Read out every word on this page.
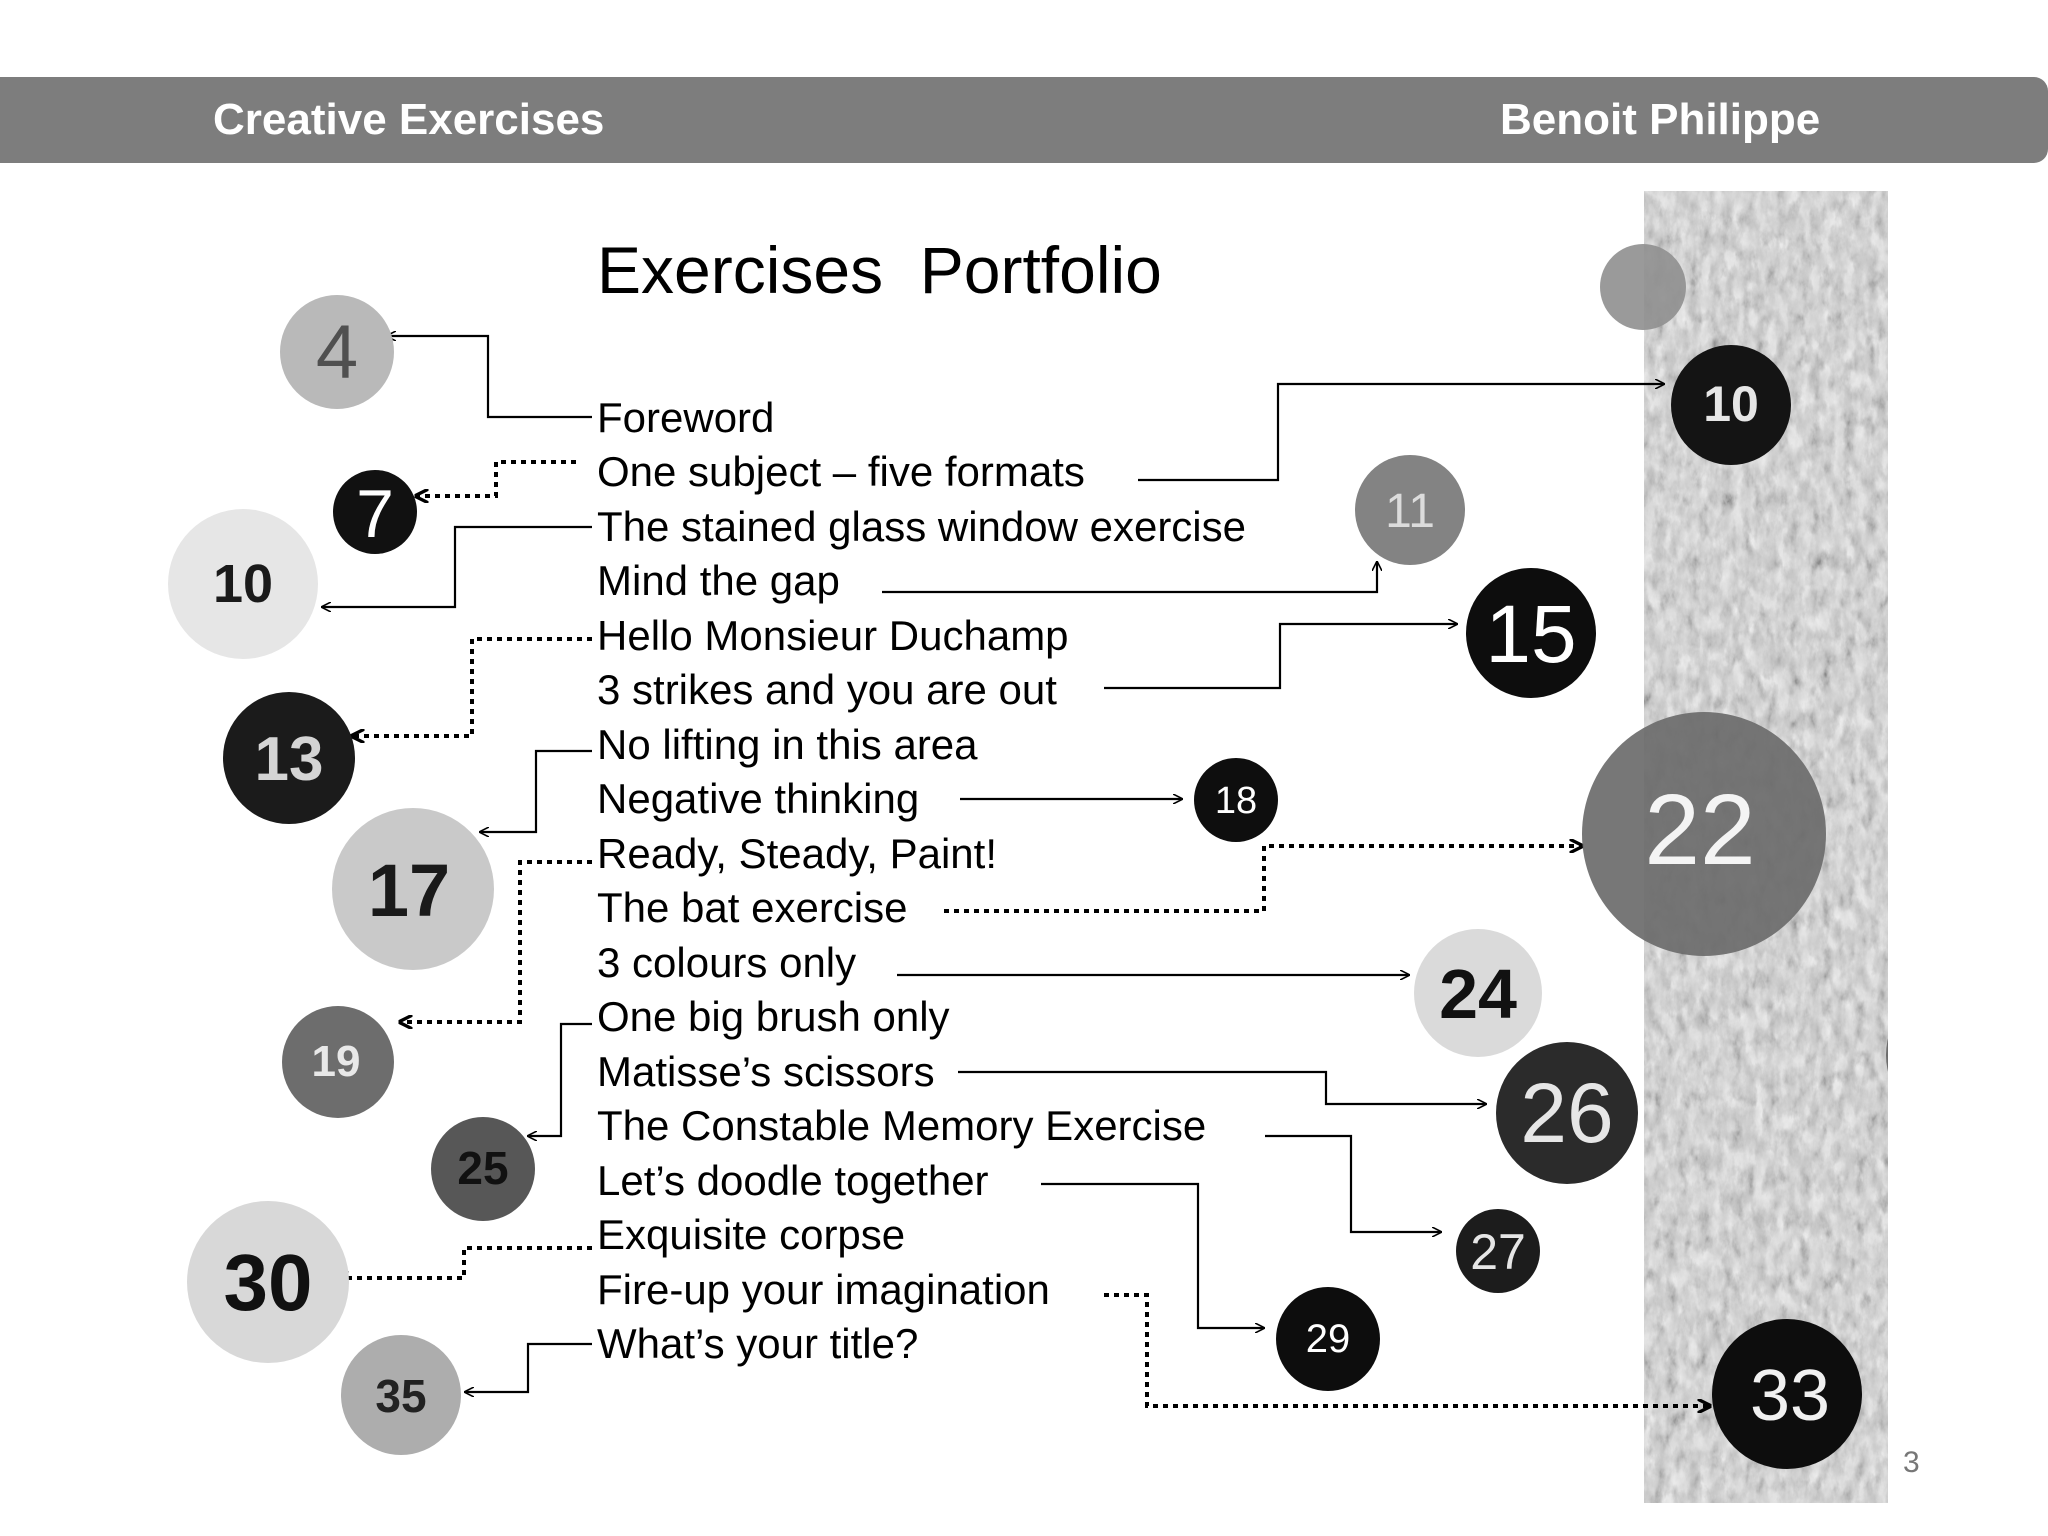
Creative Exercises	Benoit Philippe
Exercises  Portfolio
4
7
10
13
17
19
25
30
35
11
15
18
24
26
27
29
10
22
33
Foreword
One subject – five formats
The stained glass window exercise
Mind the gap
Hello Monsieur Duchamp
3 strikes and you are out
No lifting in this area
Negative thinking
Ready, Steady, Paint!
The bat exercise
3 colours only
One big brush only
Matisse’s scissors
The Constable Memory Exercise
Let’s doodle together
Exquisite corpse
Fire-up your imagination
What’s your title?
3
